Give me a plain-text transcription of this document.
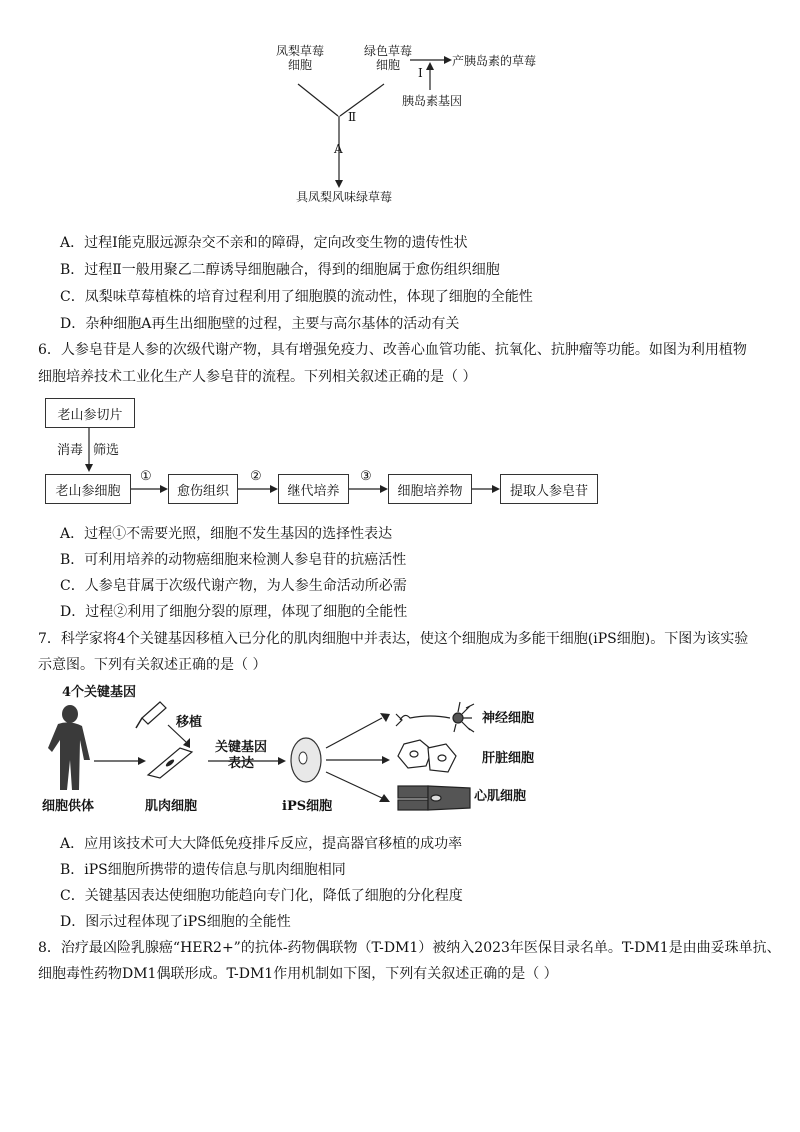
凤梨草莓
细胞
绿色草莓
细胞	产胰岛素的草莓
Ⅰ
胰岛素基因
Ⅱ
A
具凤梨风味绿草莓
A．过程Ⅰ能克服远源杂交不亲和的障碍，定向改变生物的遗传性状
B．过程Ⅱ一般用聚乙二醇诱导细胞融合，得到的细胞属于愈伤组织细胞
C．凤梨味草莓植株的培育过程利用了细胞膜的流动性，体现了细胞的全能性
D．杂种细胞A再生出细胞壁的过程，主要与高尔基体的活动有关
6．人参皂苷是人参的次级代谢产物，具有增强免疫力、改善心血管功能、抗氧化、抗肿瘤等功能。如图为利用植物
细胞培养技术工业化生产人参皂苷的流程。下列相关叙述正确的是（ ）
老山参切片
消毒 筛选
老山参细胞	愈伤组织	继代培养	细胞培养物	提取人参皂苷
①	②	③
A．过程①不需要光照，细胞不发生基因的选择性表达
B．可利用培养的动物癌细胞来检测人参皂苷的抗癌活性
C．人参皂苷属于次级代谢产物，为人参生命活动所必需
D．过程②利用了细胞分裂的原理，体现了细胞的全能性
7．科学家将4个关键基因移植入已分化的肌肉细胞中并表达，使这个细胞成为多能干细胞(iPS细胞)。下图为该实验
示意图。下列有关叙述正确的是（ ）
4个关键基因
移植
关键基因
表达
细胞供体	肌肉细胞	iPS细胞
神经细胞
肝脏细胞
心肌细胞
A．应用该技术可大大降低免疫排斥反应，提高器官移植的成功率
B．iPS细胞所携带的遗传信息与肌肉细胞相同
C．关键基因表达使细胞功能趋向专门化，降低了细胞的分化程度
D．图示过程体现了iPS细胞的全能性
8．治疗最凶险乳腺癌“HER2+”的抗体-药物偶联物（T-DM1）被纳入2023年医保目录名单。T-DM1是由曲妥珠单抗、
细胞毒性药物DM1偶联形成。T-DM1作用机制如下图，下列有关叙述正确的是（ ）
